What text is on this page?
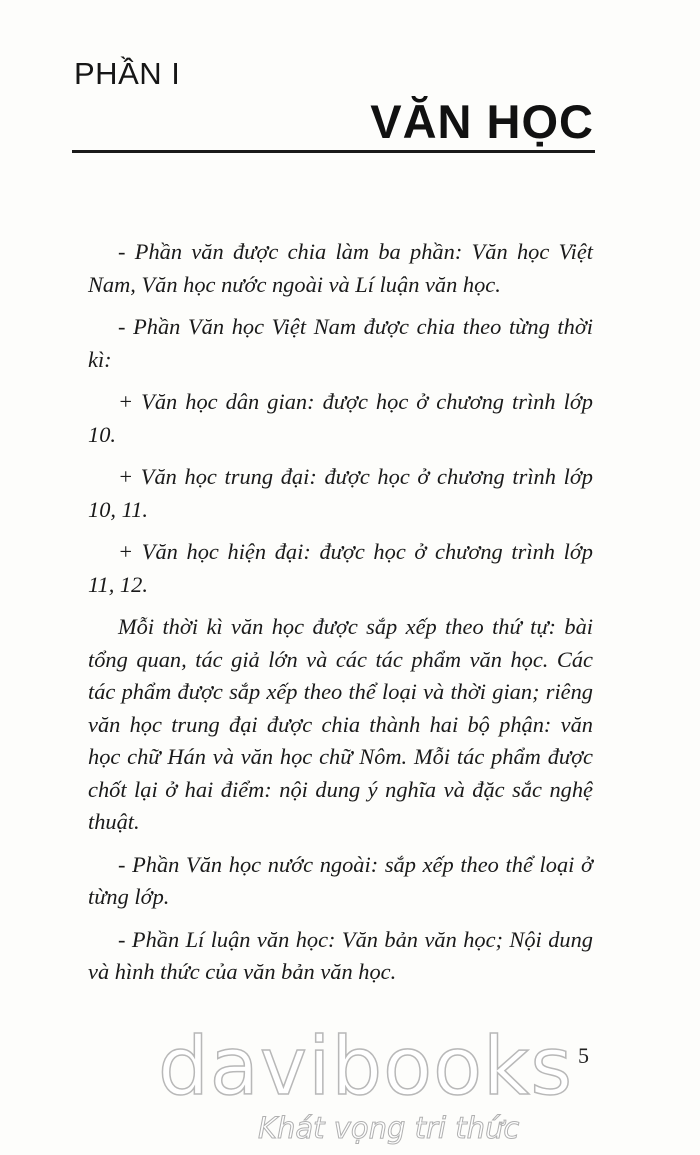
PHẦN I
VĂN HỌC

- Phần văn được chia làm ba phần: Văn học Việt Nam, Văn học nước ngoài và Lí luận văn học.

- Phần Văn học Việt Nam được chia theo từng thời kì:

+ Văn học dân gian: được học ở chương trình lớp 10.

+ Văn học trung đại: được học ở chương trình lớp 10, 11.

+ Văn học hiện đại: được học ở chương trình lớp 11, 12.

Mỗi thời kì văn học được sắp xếp theo thứ tự: bài tổng quan, tác giả lớn và các tác phẩm văn học. Các tác phẩm được sắp xếp theo thể loại và thời gian; riêng văn học trung đại được chia thành hai bộ phận: văn học chữ Hán và văn học chữ Nôm. Mỗi tác phẩm được chốt lại ở hai điểm: nội dung ý nghĩa và đặc sắc nghệ thuật.

- Phần Văn học nước ngoài: sắp xếp theo thể loại ở từng lớp.

- Phần Lí luận văn học: Văn bản văn học; Nội dung và hình thức của văn bản văn học.

5
davibooks
Khát vọng tri thức
